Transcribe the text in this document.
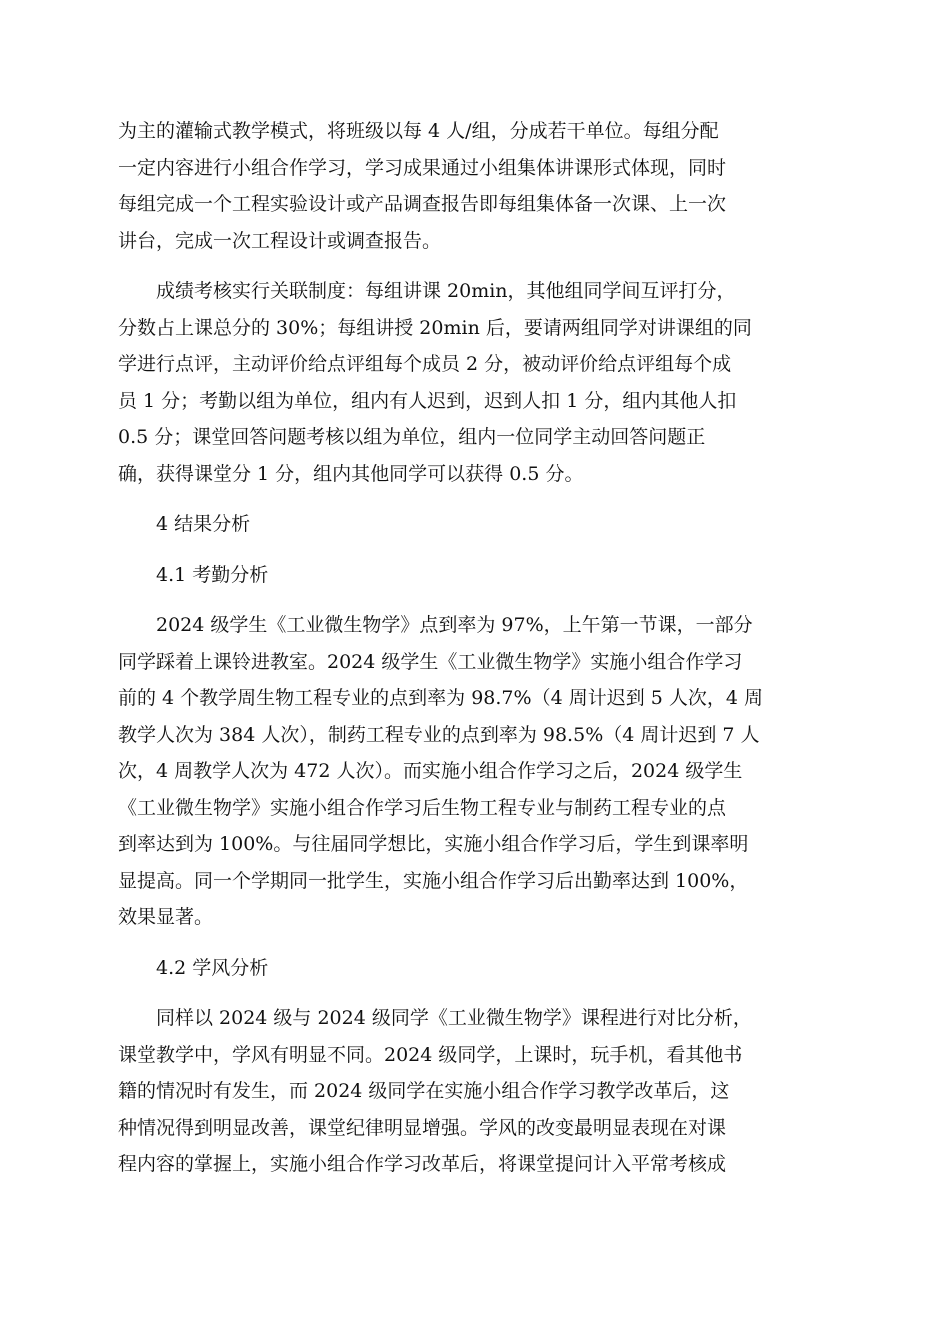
为主的灌输式教学模式，将班级以每 4 人/组，分成若干单位。每组分配
一定内容进行小组合作学习，学习成果通过小组集体讲课形式体现，同时
每组完成一个工程实验设计或产品调查报告即每组集体备一次课、上一次
讲台，完成一次工程设计或调查报告。
成绩考核实行关联制度：每组讲课 20min，其他组同学间互评打分，
分数占上课总分的 30%；每组讲授 20min 后，要请两组同学对讲课组的同
学进行点评，主动评价给点评组每个成员 2 分，被动评价给点评组每个成
员 1 分；考勤以组为单位，组内有人迟到，迟到人扣 1 分，组内其他人扣
0.5 分；课堂回答问题考核以组为单位，组内一位同学主动回答问题正
确，获得课堂分 1 分，组内其他同学可以获得 0.5 分。
4 结果分析
4.1 考勤分析
2024 级学生《工业微生物学》点到率为 97%，上午第一节课，一部分
同学踩着上课铃进教室。2024 级学生《工业微生物学》实施小组合作学习
前的 4 个教学周生物工程专业的点到率为 98.7%（4 周计迟到 5 人次，4 周
教学人次为 384 人次），制药工程专业的点到率为 98.5%（4 周计迟到 7 人
次，4 周教学人次为 472 人次）。而实施小组合作学习之后，2024 级学生
《工业微生物学》实施小组合作学习后生物工程专业与制药工程专业的点
到率达到为 100%。与往届同学想比，实施小组合作学习后，学生到课率明
显提高。同一个学期同一批学生，实施小组合作学习后出勤率达到 100%，
效果显著。
4.2 学风分析
同样以 2024 级与 2024 级同学《工业微生物学》课程进行对比分析，
课堂教学中，学风有明显不同。2024 级同学，上课时，玩手机，看其他书
籍的情况时有发生，而 2024 级同学在实施小组合作学习教学改革后，这
种情况得到明显改善，课堂纪律明显增强。学风的改变最明显表现在对课
程内容的掌握上，实施小组合作学习改革后，将课堂提问计入平常考核成
